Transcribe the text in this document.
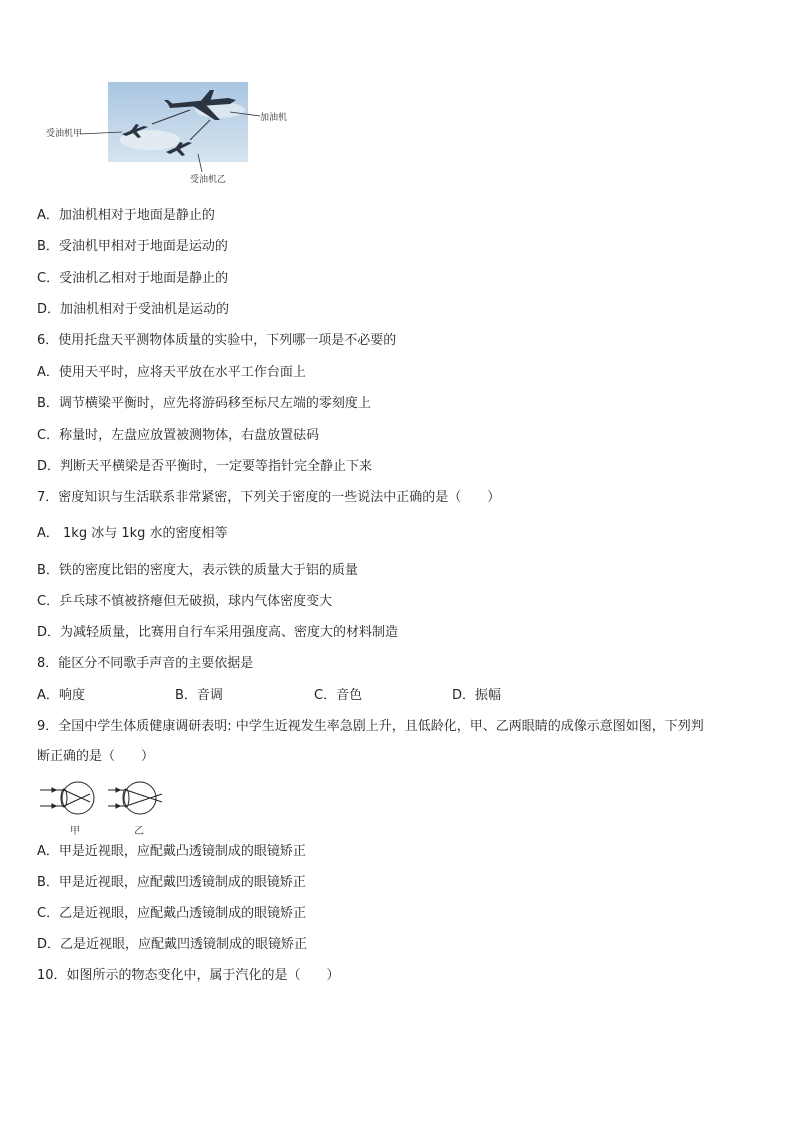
加油机
受油机甲
受油机乙
A．加油机相对于地面是静止的
B．受油机甲相对于地面是运动的
C．受油机乙相对于地面是静止的
D．加油机相对于受油机是运动的
6．使用托盘天平测物体质量的实验中，下列哪一项是不必要的
A．使用天平时，应将天平放在水平工作台面上
B．调节横梁平衡时，应先将游码移至标尺左端的零刻度上
C．称量时，左盘应放置被测物体，右盘放置砝码
D．判断天平横梁是否平衡时，一定要等指针完全静止下来
7．密度知识与生活联系非常紧密，下列关于密度的一些说法中正确的是（　　）
A． 1kg 冰与 1kg 水的密度相等
B．铁的密度比铝的密度大，表示铁的质量大于铝的质量
C．乒乓球不慎被挤瘪但无破损，球内气体密度变大
D．为减轻质量，比赛用自行车采用强度高、密度大的材料制造
8．能区分不同歌手声音的主要依据是
A．响度	B．音调	C．音色	D．振幅
9．全国中学生体质健康调研表明: 中学生近视发生率急剧上升，且低龄化，甲、乙两眼睛的成像示意图如图，下列判
断正确的是（　　）
甲	乙
A．甲是近视眼，应配戴凸透镜制成的眼镜矫正
B．甲是近视眼，应配戴凹透镜制成的眼镜矫正
C．乙是近视眼，应配戴凸透镜制成的眼镜矫正
D．乙是近视眼，应配戴凹透镜制成的眼镜矫正
10．如图所示的物态变化中，属于汽化的是（　　）
